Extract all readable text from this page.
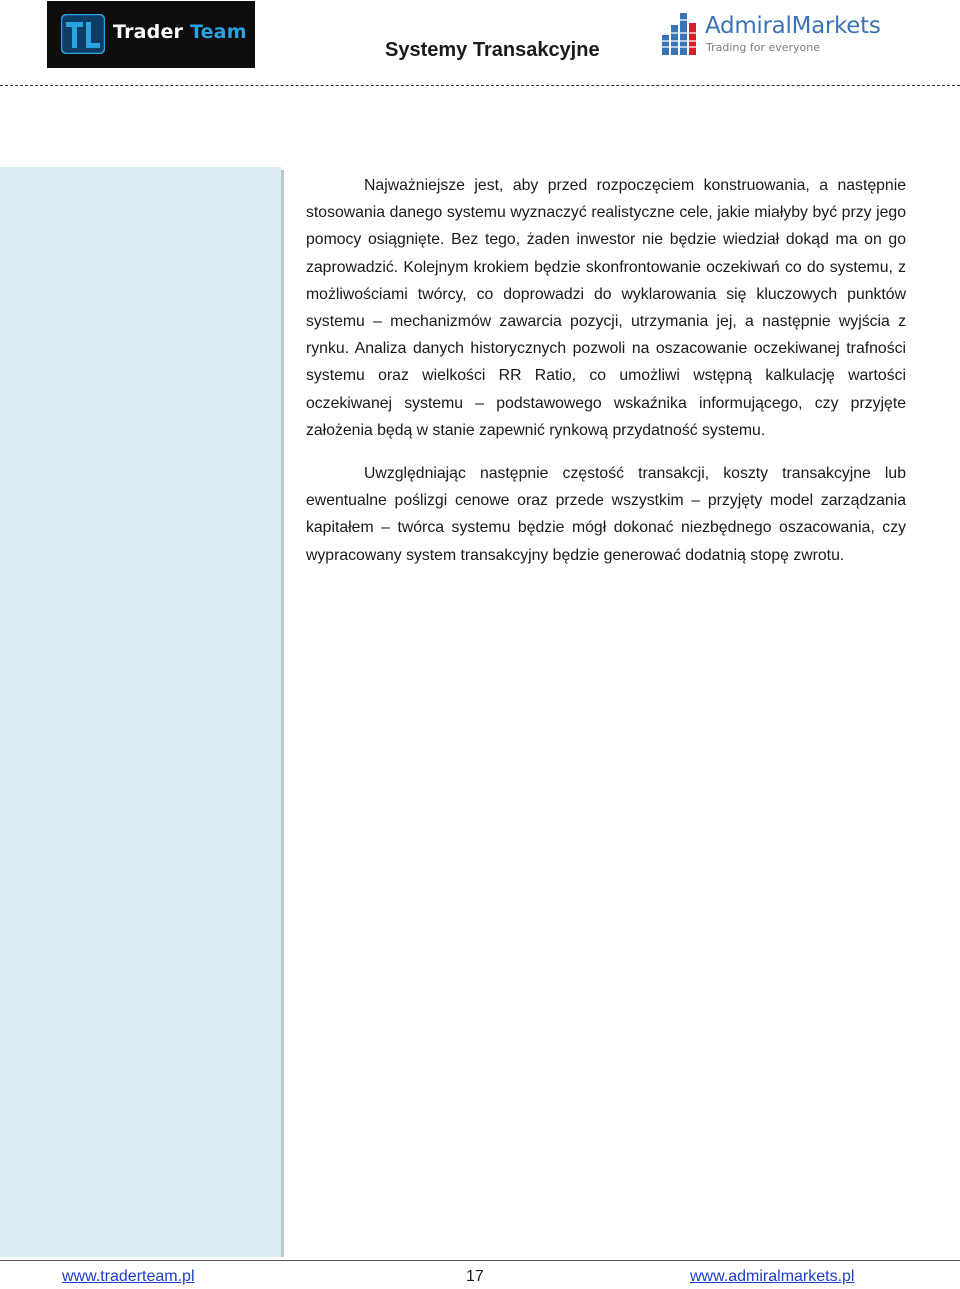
Trader Team
Systemy Transakcyjne
AdmiralMarkets
Trading for everyone

Najważniejsze jest, aby przed rozpoczęciem konstruowania, a następnie stosowania danego systemu wyznaczyć realistyczne cele, jakie miałyby być przy jego pomocy osiągnięte. Bez tego, żaden inwestor nie będzie wiedział dokąd ma on go zaprowadzić. Kolejnym krokiem będzie skonfrontowanie oczekiwań co do systemu, z możliwościami twórcy, co doprowadzi do wyklarowania się kluczowych punktów systemu – mechanizmów zawarcia pozycji, utrzymania jej, a następnie wyjścia z rynku. Analiza danych historycznych pozwoli na oszacowanie oczekiwanej trafności systemu oraz wielkości RR Ratio, co umożliwi wstępną kalkulację wartości oczekiwanej systemu – podstawowego wskaźnika informującego, czy przyjęte założenia będą w stanie zapewnić rynkową przydatność systemu.

Uwzględniając następnie częstość transakcji, koszty transakcyjne lub ewentualne poślizgi cenowe oraz przede wszystkim – przyjęty model zarządzania kapitałem – twórca systemu będzie mógł dokonać niezbędnego oszacowania, czy wypracowany system transakcyjny będzie generować dodatnią stopę zwrotu.

www.traderteam.pl	17	www.admiralmarkets.pl
